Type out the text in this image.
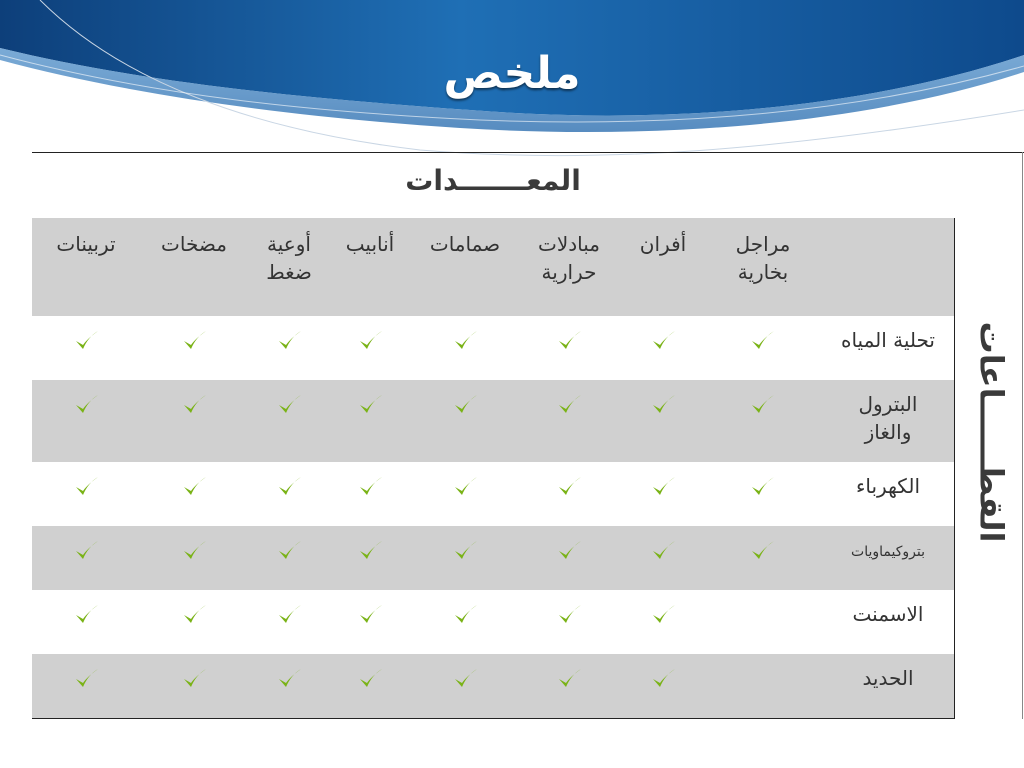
ملخص
المعـــــــدات
القطــــــاعات
مراجل بخارية
أفران
مبادلات حرارية
صمامات
أنابيب
أوعية ضغط
مضخات
تربينات
تحلية المياه
البترول والغاز
الكهرباء
بتروكيماويات
الاسمنت
الحديد
